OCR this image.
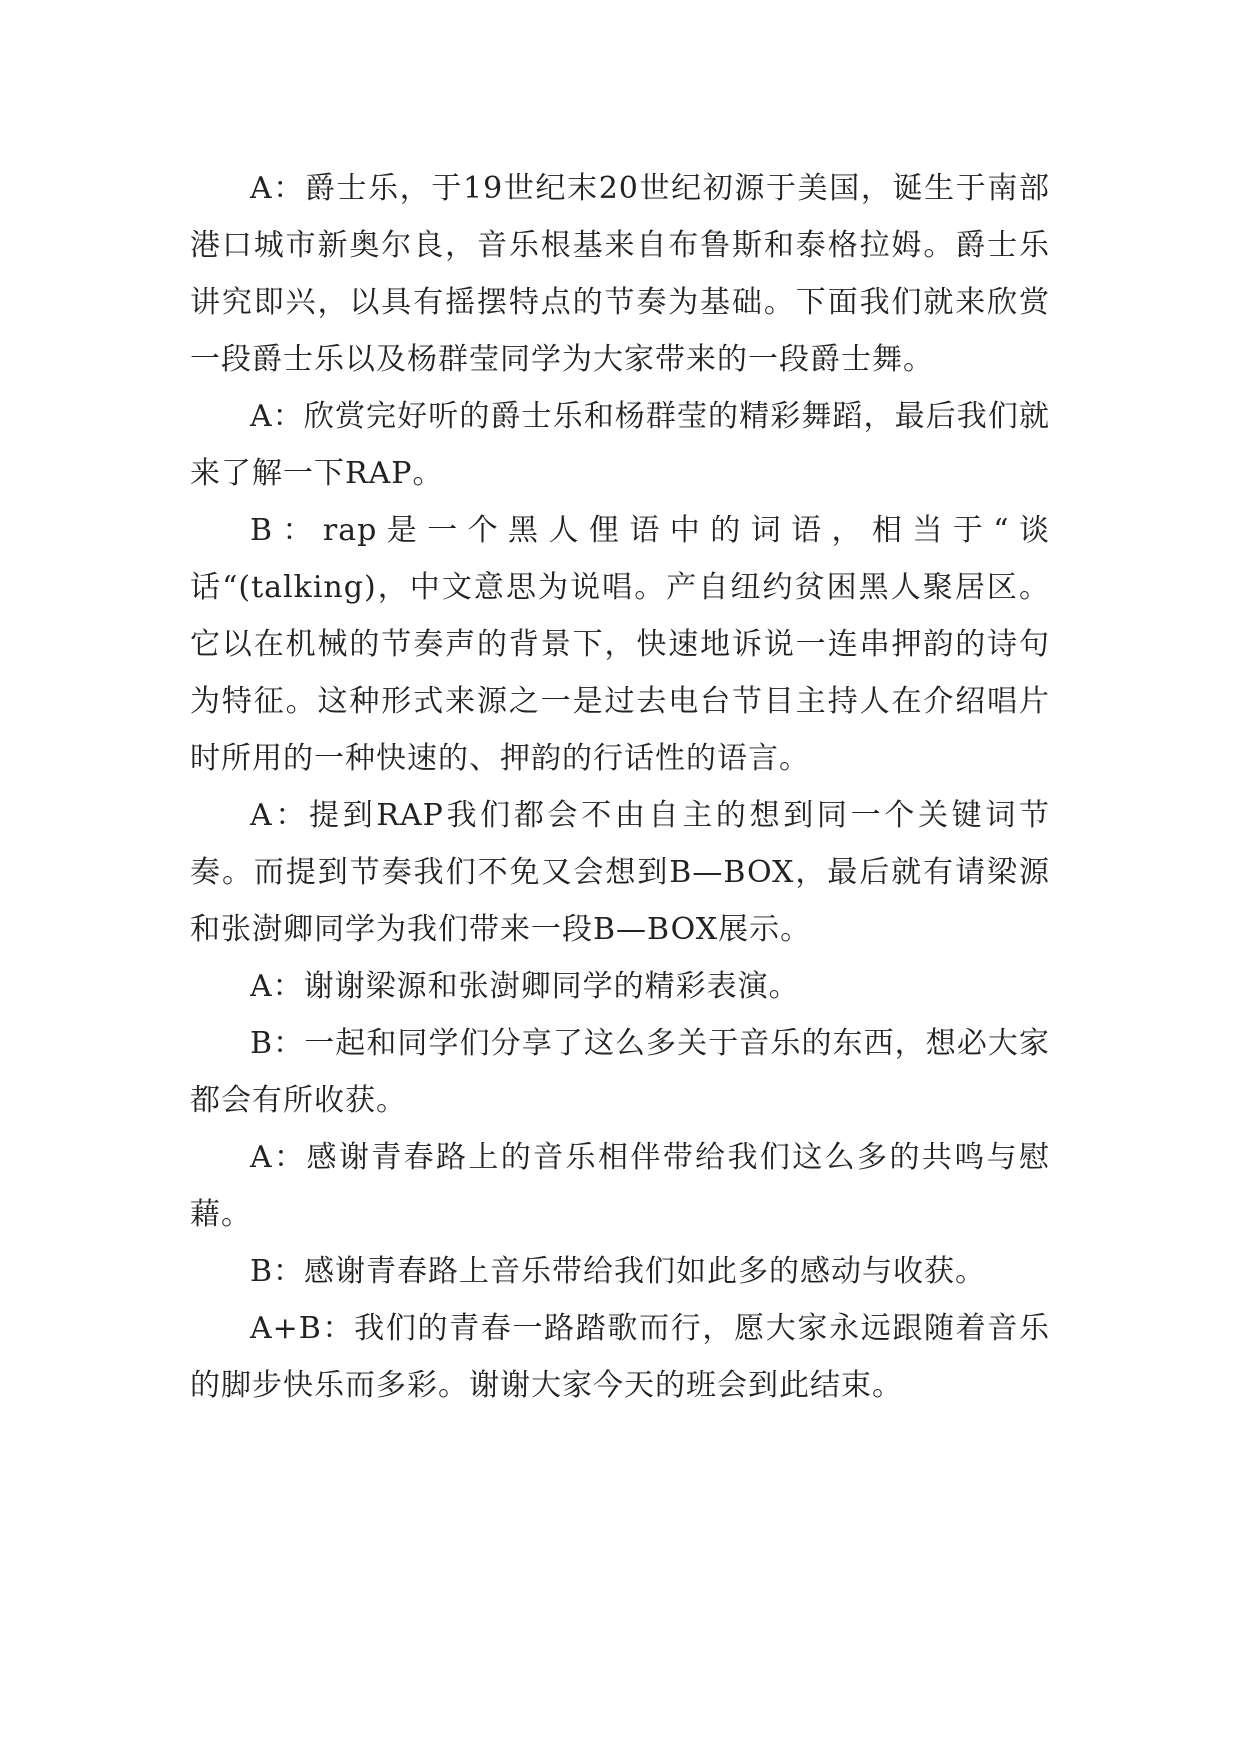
A：爵士乐，于19世纪末20世纪初源于美国，诞生于南部港口城市新奥尔良，音乐根基来自布鲁斯和泰格拉姆。爵士乐讲究即兴，以具有摇摆特点的节奏为基础。下面我们就来欣赏一段爵士乐以及杨群莹同学为大家带来的一段爵士舞。

A：欣赏完好听的爵士乐和杨群莹的精彩舞蹈，最后我们就来了解一下RAP。

B：rap是一个黑人俚语中的词语，相当于“谈话“(talking)，中文意思为说唱。产自纽约贫困黑人聚居区。它以在机械的节奏声的背景下，快速地诉说一连串押韵的诗句为特征。这种形式来源之一是过去电台节目主持人在介绍唱片时所用的一种快速的、押韵的行话性的语言。

A：提到RAP我们都会不由自主的想到同一个关键词节奏。而提到节奏我们不免又会想到B—BOX，最后就有请梁源和张澍卿同学为我们带来一段B—BOX展示。

A：谢谢梁源和张澍卿同学的精彩表演。

B：一起和同学们分享了这么多关于音乐的东西，想必大家都会有所收获。

A：感谢青春路上的音乐相伴带给我们这么多的共鸣与慰藉。

B：感谢青春路上音乐带给我们如此多的感动与收获。

A+B：我们的青春一路踏歌而行，愿大家永远跟随着音乐的脚步快乐而多彩。谢谢大家今天的班会到此结束。
